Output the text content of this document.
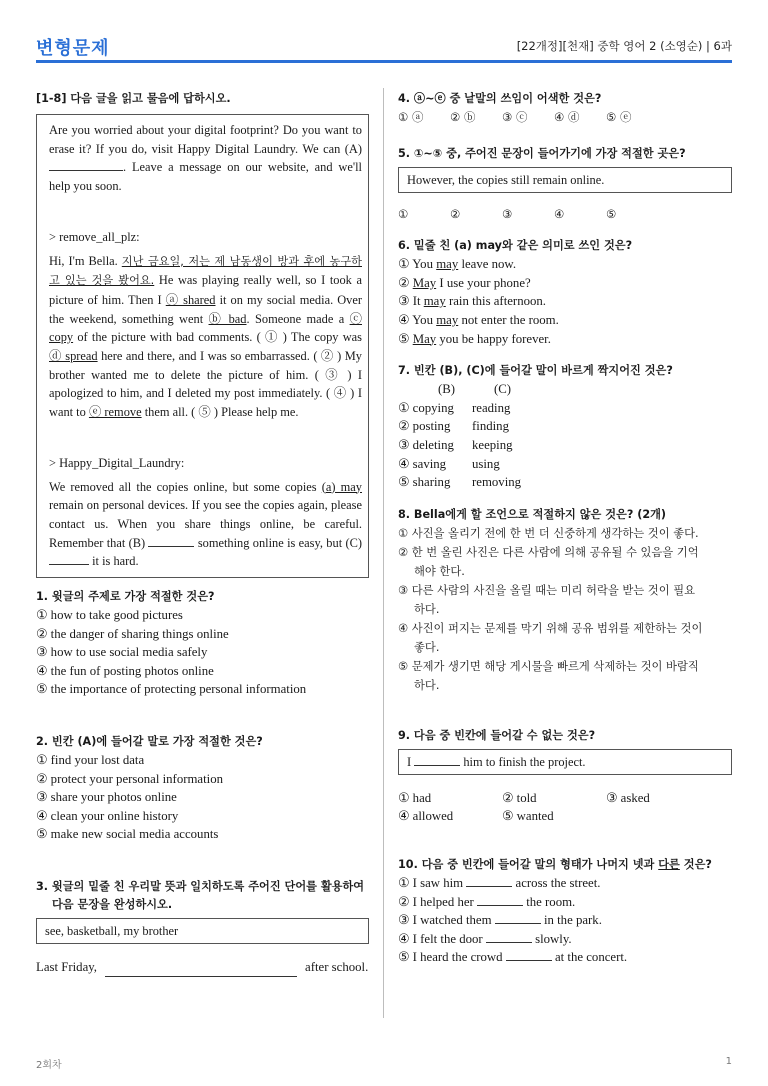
변형문제	[22개정][천재] 중학 영어 2 (소영순) | 6과
[1-8] 다음 글을 읽고 물음에 답하시오.

Are you worried about your digital footprint? Do you want to erase it? If you do, visit Happy Digital Laundry. We can (A) . Leave a message on our website, and we'll help you soon.

> remove_all_plz:

Hi, I'm Bella. 지난 금요일, 저는 제 남동생이 방과 후에 농구하고 있는 것을 봤어요. He was playing really well, so I took a picture of him. Then I ⓐ shared it on my social media. Over the weekend, something went ⓑ bad. Someone made a ⓒ copy of the picture with bad comments. ( ① ) The copy was ⓓ spread here and there, and I was so embarrassed. ( ② ) My brother wanted me to delete the picture of him. ( ③ ) I apologized to him, and I deleted my post immediately. ( ④ ) I want to ⓔ remove them all. ( ⑤ ) Please help me.

> Happy_Digital_Laundry:

We removed all the copies online, but some copies (a) may remain on personal devices. If you see the copies again, please contact us. When you share things online, be careful. Remember that (B)	something online is easy, but (C)  it is hard.

1. 윗글의 주제로 가장 적절한 것은?
① how to take good pictures
② the danger of sharing things online
③ how to use social media safely
④ the fun of posting photos online
⑤ the importance of protecting personal information
2. 빈칸 (A)에 들어갈 말로 가장 적절한 것은?
① find your lost data
② protect your personal information
③ share your photos online
④ clean your online history
⑤ make new social media accounts
3. 윗글의 밑줄 친 우리말 뜻과 일치하도록 주어진 단어를 활용하여
다음 문장을 완성하시오.
see, basketball, my brother
Last Friday,	after school.
4. ⓐ~ⓔ 중 낱말의 쓰임이 어색한 것은?
① ⓐ	② ⓑ	③ ⓒ	④ ⓓ	⑤ ⓔ
5. ①~⑤ 중, 주어진 문장이 들어가기에 가장 적절한 곳은?
However, the copies still remain online.
①	②	③	④	⑤
6. 밑줄 친 (a) may와 같은 의미로 쓰인 것은?
① You may leave now.
② May I use your phone?
③ It may rain this afternoon.
④ You may not enter the room.
⑤ May you be happy forever.
7. 빈칸 (B), (C)에 들어갈 말이 바르게 짝지어진 것은?
(B)	(C)
① copying	reading
② posting	finding
③ deleting	keeping
④ saving	using
⑤ sharing	removing
8. Bella에게 할 조언으로 적절하지 않은 것은? (2개)
① 사진을 올리기 전에 한 번 더 신중하게 생각하는 것이 좋다.
② 한 번 올린 사진은 다른 사람에 의해 공유될 수 있음을 기억
해야 한다.
③ 다른 사람의 사진을 올릴 때는 미리 허락을 받는 것이 필요
하다.
④ 사진이 퍼지는 문제를 막기 위해 공유 범위를 제한하는 것이
좋다.
⑤ 문제가 생기면 해당 게시물을 빠르게 삭제하는 것이 바람직
하다.
9. 다음 중 빈칸에 들어갈 수 없는 것은?
I	him to finish the project.
① had	② told	③ asked
④ allowed	⑤ wanted
10. 다음 중 빈칸에 들어갈 말의 형태가 나머지 넷과 다른 것은?
① I saw him	across the street.
② I helped her	the room.
③ I watched them	in the park.
④ I felt the door	slowly.
⑤ I heard the crowd	at the concert.
2회차	1
